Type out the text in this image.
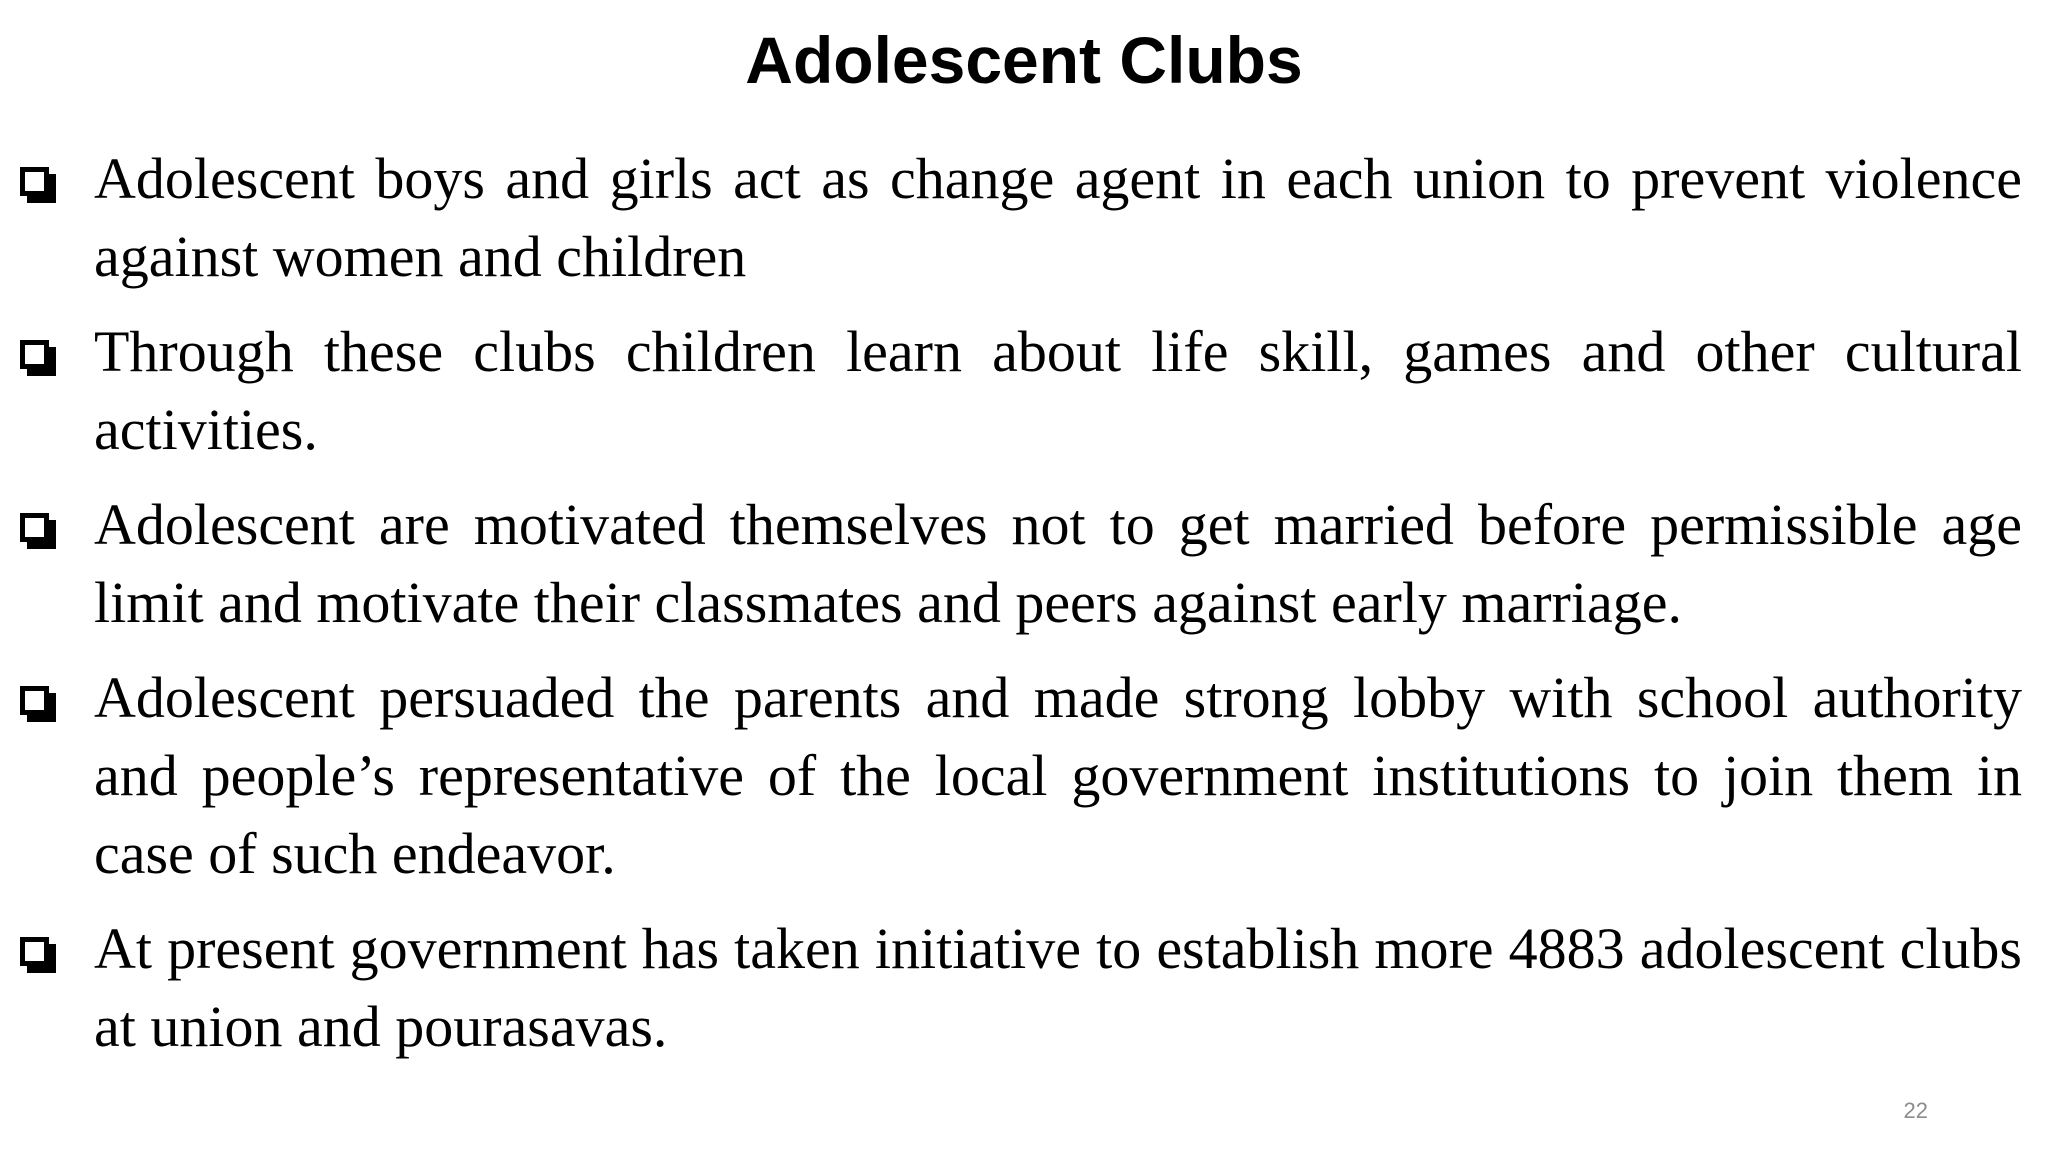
Adolescent Clubs
Adolescent boys and girls act as change agent in each union to prevent violence against women and children
Through these clubs children learn about life skill, games and other cultural activities.
Adolescent are motivated themselves not to get married before permissible age limit and motivate their classmates and peers against early marriage.
Adolescent persuaded the parents and made strong lobby with school authority and people’s representative of the local government institutions to join them in case of such endeavor.
At present government has taken initiative to establish more 4883 adolescent clubs at union and pourasavas.
22
